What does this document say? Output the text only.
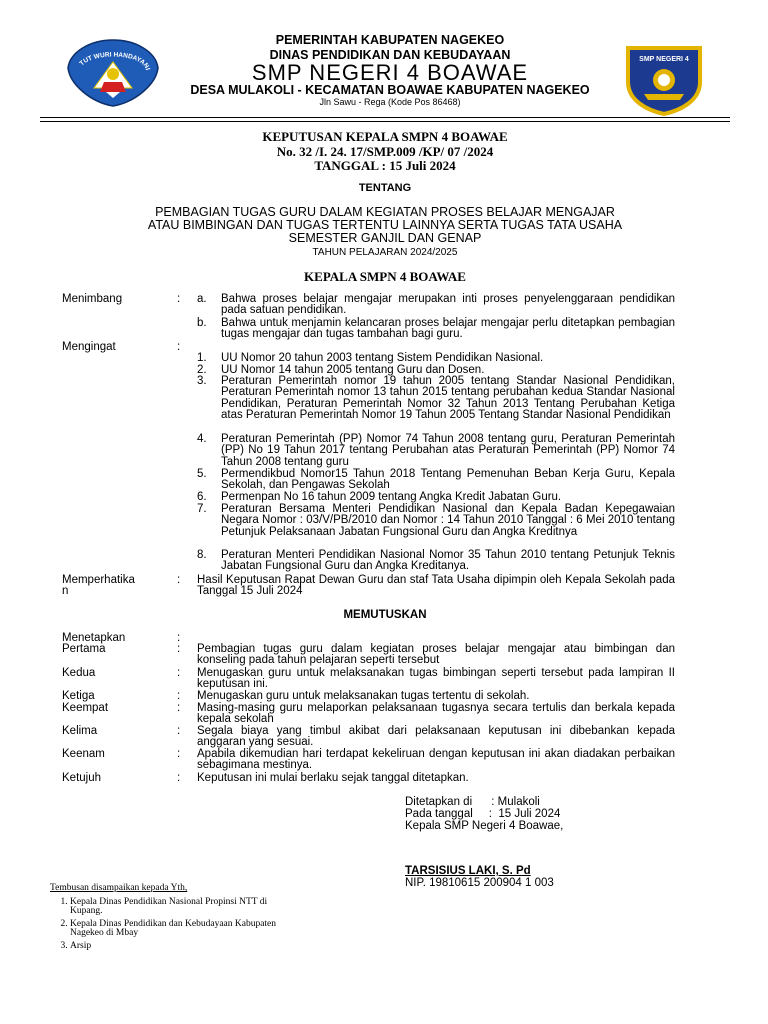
TUT WURI HANDAYANI
SMP NEGERI 4
PEMERINTAH KABUPATEN NAGEKEO
DINAS PENDIDIKAN DAN KEBUDAYAAN
SMP NEGERI 4 BOAWAE
DESA MULAKOLI - KECAMATAN BOAWAE KABUPATEN NAGEKEO
Jln Sawu - Rega (Kode Pos 86468)
KEPUTUSAN KEPALA SMPN 4 BOAWAE
No. 32 /I. 24. 17/SMP.009 /KP/ 07 /2024
TANGGAL : 15 Juli 2024
TENTANG
PEMBAGIAN TUGAS GURU DALAM KEGIATAN PROSES BELAJAR MENGAJAR
ATAU BIMBINGAN DAN TUGAS TERTENTU LAINNYA SERTA TUGAS TATA USAHA
SEMESTER GANJIL DAN GENAP
TAHUN PELAJARAN 2024/2025
KEPALA SMPN 4 BOAWAE
Menimbang	:	a.	Bahwa proses belajar mengajar merupakan inti proses penyelenggaraan pendidikan pada satuan pendidikan.
b.	Bahwa untuk menjamin kelancaran proses belajar mengajar perlu ditetapkan pembagian tugas mengajar dan tugas tambahan bagi guru.
Mengingat	:
1.	UU Nomor 20 tahun 2003 tentang Sistem Pendidikan Nasional.
2.	UU Nomor 14 tahun 2005 tentang Guru dan Dosen.
3.	Peraturan Pemerintah nomor 19 tahun 2005 tentang Standar Nasional Pendidikan, Peraturan Pemerintah nomor 13 tahun 2015 tentang perubahan kedua Standar Nasional Pendidikan, Peraturan Pemerintah Nomor 32 Tahun 2013 Tentang Perubahan Ketiga atas Peraturan Pemerintah Nomor 19 Tahun 2005 Tentang Standar Nasional Pendidikan
4.	Peraturan Pemerintah (PP) Nomor 74 Tahun 2008 tentang guru, Peraturan Pemerintah (PP) No 19 Tahun 2017 tentang Perubahan atas Peraturan Pemerintah (PP) Nomor 74 Tahun 2008 tentang guru
5.	Permendikbud Nomor15 Tahun 2018 Tentang Pemenuhan Beban Kerja Guru, Kepala Sekolah, dan Pengawas Sekolah
6.	Permenpan No 16 tahun 2009 tentang Angka Kredit Jabatan Guru.
7.	Peraturan Bersama Menteri Pendidikan Nasional dan Kepala Badan Kepegawaian Negara Nomor : 03/V/PB/2010 dan Nomor : 14 Tahun 2010 Tanggal : 6 Mei 2010 tentang Petunjuk Pelaksanaan Jabatan Fungsional Guru dan Angka Kreditnya
8.	Peraturan Menteri Pendidikan Nasional Nomor 35 Tahun 2010 tentang Petunjuk Teknis Jabatan Fungsional Guru dan Angka Kreditanya.
Memperhatika
n
:	Hasil Keputusan Rapat Dewan Guru dan staf Tata Usaha dipimpin oleh Kepala Sekolah pada Tanggal 15 Juli 2024
MEMUTUSKAN
Menetapkan	:
Pertama	:	Pembagian tugas guru dalam kegiatan proses belajar mengajar atau bimbingan dan konseling pada tahun pelajaran seperti tersebut
Kedua	:	Menugaskan guru untuk melaksanakan tugas bimbingan seperti tersebut pada lampiran II keputusan ini.
Ketiga	:	Menugaskan guru untuk melaksanakan tugas tertentu di sekolah.
Keempat	:	Masing-masing guru melaporkan pelaksanaan tugasnya secara tertulis dan berkala kepada kepala sekolah
Kelima	:	Segala biaya yang timbul akibat dari pelaksanaan keputusan ini dibebankan kepada anggaran yang sesuai.
Keenam	:	Apabila dikemudian hari terdapat kekeliruan dengan keputusan ini akan diadakan perbaikan sebagimana mestinya.
Ketujuh	:	Keputusan ini mulai berlaku sejak tanggal ditetapkan.
Ditetapkan di      : Mulakoli
Pada tanggal     :  15 Juli 2024
Kepala SMP Negeri 4 Boawae,
TARSISIUS LAKI, S. Pd
NIP. 19810615 200904 1 003
Tembusan disampaikan kepada Yth,
1. Kepala Dinas Pendidikan Nasional Propinsi NTT di Kupang.
2. Kepala Dinas Pendidikan dan Kebudayaan Kabupaten Nagekeo di Mbay
3. Arsip
